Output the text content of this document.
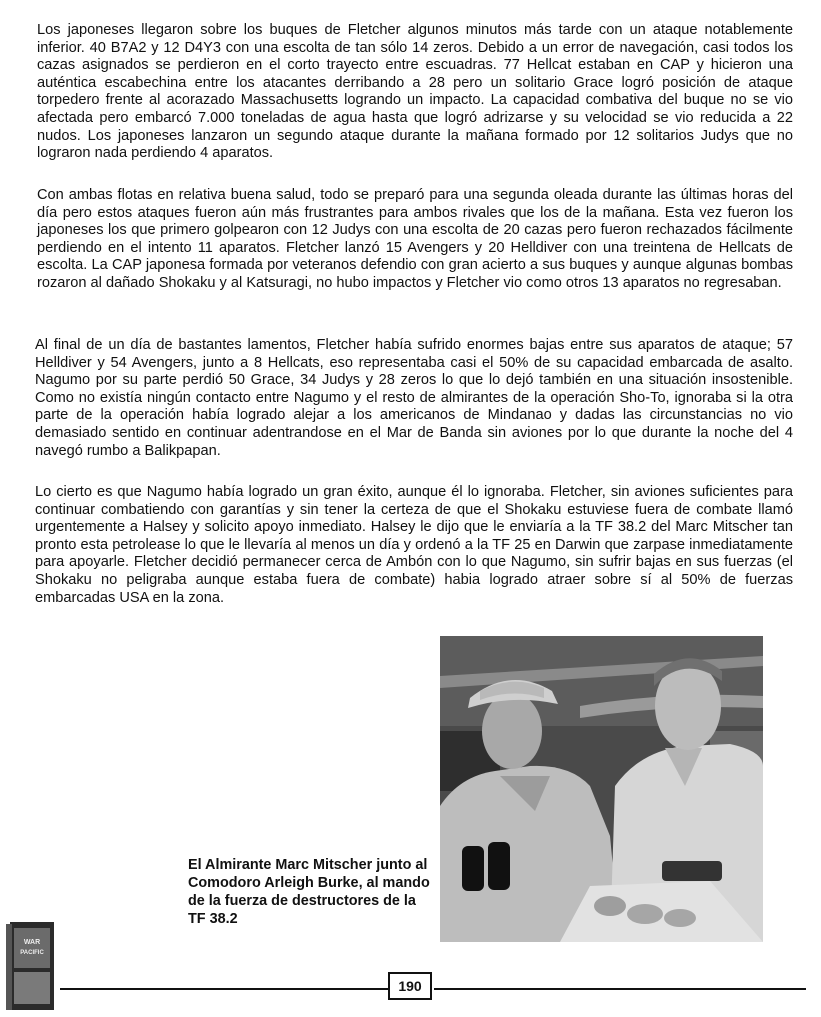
Los japoneses llegaron sobre los buques de Fletcher algunos minutos más tarde con un ataque notablemente inferior. 40 B7A2 y 12 D4Y3 con una escolta de tan sólo 14 zeros. Debido a un error de navegación, casi todos los cazas asignados se perdieron en el corto trayecto entre escuadras. 77 Hellcat estaban en CAP y hicieron una auténtica escabechina entre los atacantes derribando a 28 pero un solitario Grace logró posición de ataque torpedero frente al acorazado Massachusetts logrando un impacto. La capacidad combativa del buque no se vio afectada pero embarcó 7.000 toneladas de agua hasta que logró adrizarse y su velocidad se vio reducida a 22 nudos. Los japoneses lanzaron un segundo ataque durante la mañana formado por 12 solitarios Judys que no lograron nada perdiendo 4 aparatos.

Con ambas flotas en relativa buena salud, todo se preparó para una segunda oleada durante las últimas horas del día pero estos ataques fueron aún más frustrantes para ambos rivales que los de la mañana. Esta vez fueron los japoneses los que primero golpearon con 12 Judys con una escolta de 20 cazas pero fueron rechazados fácilmente perdiendo en el intento 11 aparatos. Fletcher lanzó 15 Avengers y 20 Helldiver con una treintena de Hellcats de escolta. La CAP japonesa formada por veteranos defendio con gran acierto a sus buques y aunque algunas bombas rozaron al dañado Shokaku y al Katsuragi, no hubo impactos y Fletcher vio como otros 13 aparatos no regresaban.

Al final de un día de bastantes lamentos, Fletcher había sufrido enormes bajas entre sus aparatos de ataque; 57 Helldiver y 54 Avengers, junto a 8 Hellcats, eso representaba casi el 50% de su capacidad embarcada de asalto. Nagumo por su parte perdió 50 Grace, 34 Judys y 28 zeros lo que lo dejó también en una situación insostenible. Como no existía ningún contacto entre Nagumo y el resto de almirantes de la operación Sho-To, ignoraba si la otra parte de la operación había logrado alejar a los americanos de Mindanao y dadas las circunstancias no vio demasiado sentido en continuar adentrandose en el Mar de Banda sin aviones por lo que durante la noche del 4 navegó rumbo a Balikpapan.

Lo cierto es que Nagumo había logrado un gran éxito, aunque él lo ignoraba. Fletcher, sin aviones suficientes para continuar combatiendo con garantías y sin tener la certeza de que el Shokaku estuviese fuera de combate llamó urgentemente a Halsey y solicito apoyo inmediato. Halsey le dijo que le enviaría a la TF 38.2 del Marc Mitscher tan pronto esta petrolease lo que le llevaría al menos un día y ordenó a la TF 25 en Darwin que zarpase inmediatamente para apoyarle. Fletcher decidió permanecer cerca de Ambón con lo que Nagumo, sin sufrir bajas en sus fuerzas (el Shokaku no peligraba aunque estaba fuera de combate) habia logrado atraer sobre sí al 50% de fuerzas embarcadas USA en la zona.

El Almirante Marc Mitscher junto al Comodoro Arleigh Burke, al mando de la fuerza de destructores de la TF 38.2

WAR
PACIFIC
190
